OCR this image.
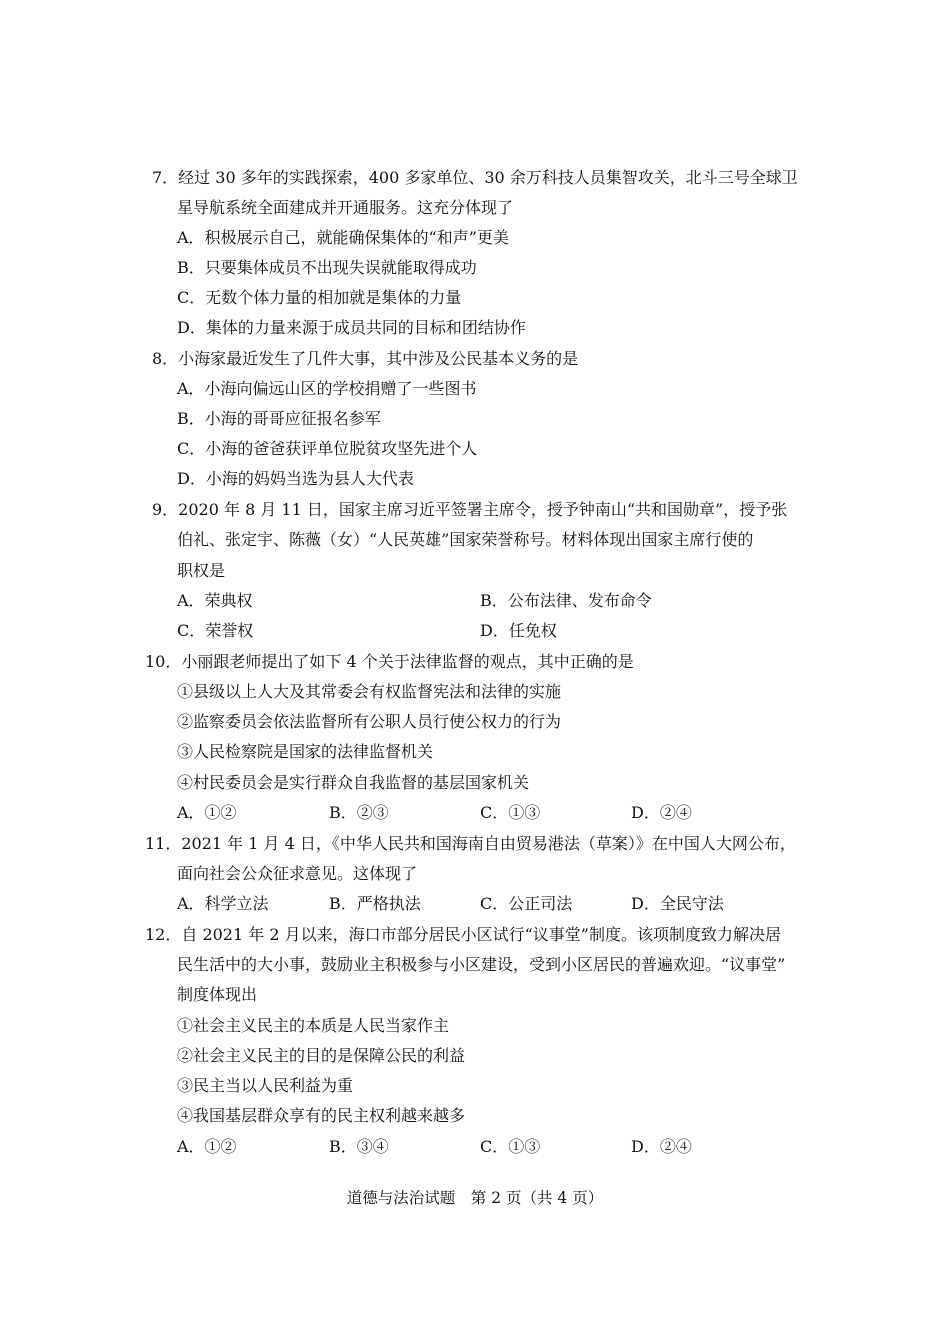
7．经过 30 多年的实践探索，400 多家单位、30 余万科技人员集智攻关，北斗三号全球卫
星导航系统全面建成并开通服务。这充分体现了
A．积极展示自己，就能确保集体的“和声”更美
B．只要集体成员不出现失误就能取得成功
C．无数个体力量的相加就是集体的力量
D．集体的力量来源于成员共同的目标和团结协作
8．小海家最近发生了几件大事，其中涉及公民基本义务的是
A．小海向偏远山区的学校捐赠了一些图书
B．小海的哥哥应征报名参军
C．小海的爸爸获评单位脱贫攻坚先进个人
D．小海的妈妈当选为县人大代表
9．2020 年 8 月 11 日，国家主席习近平签署主席令，授予钟南山“共和国勋章”，授予张
伯礼、张定宇、陈薇（女）“人民英雄”国家荣誉称号。材料体现出国家主席行使的
职权是
A．荣典权	B．公布法律、发布命令
C．荣誉权	D．任免权
10．小丽跟老师提出了如下 4 个关于法律监督的观点，其中正确的是
①县级以上人大及其常委会有权监督宪法和法律的实施
②监察委员会依法监督所有公职人员行使公权力的行为
③人民检察院是国家的法律监督机关
④村民委员会是实行群众自我监督的基层国家机关
A．①②	B．②③	C．①③	D．②④
11．2021 年 1 月 4 日，《中华人民共和国海南自由贸易港法（草案）》在中国人大网公布，
面向社会公众征求意见。这体现了
A．科学立法	B．严格执法	C．公正司法	D．全民守法
12．自 2021 年 2 月以来，海口市部分居民小区试行“议事堂”制度。该项制度致力解决居
民生活中的大小事，鼓励业主积极参与小区建设，受到小区居民的普遍欢迎。“议事堂”
制度体现出
①社会主义民主的本质是人民当家作主
②社会主义民主的目的是保障公民的利益
③民主当以人民利益为重
④我国基层群众享有的民主权利越来越多
A．①②	B．③④	C．①③	D．②④
道德与法治试题　第 2 页（共 4 页）
